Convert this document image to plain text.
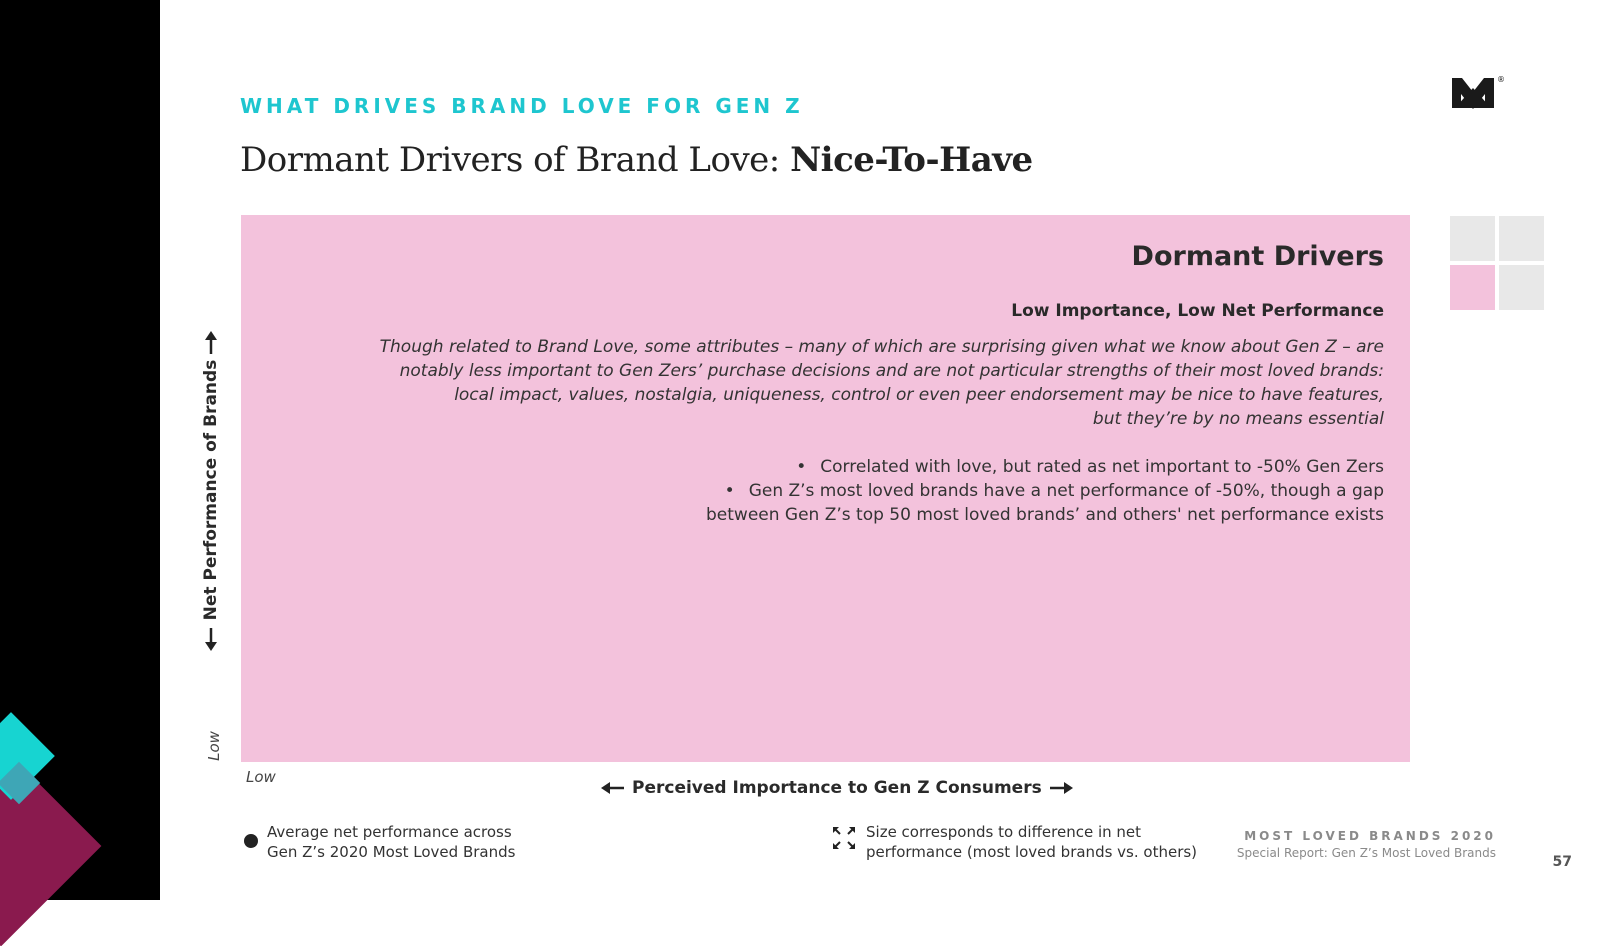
WHAT DRIVES BRAND LOVE FOR GEN Z
Dormant Drivers of Brand Love: Nice-To-Have
®
Dormant Drivers
Low Importance, Low Net Performance
Though related to Brand Love, some attributes – many of which are surprising given what we know about Gen Z – are
notably less important to Gen Zers’ purchase decisions and are not particular strengths of their most loved brands:
local impact, values, nostalgia, uniqueness, control or even peer endorsement may be nice to have features,
but they’re by no means essential
• Correlated with love, but rated as net important to -50% Gen Zers
• Gen Z’s most loved brands have a net performance of -50%, though a gap
between Gen Z’s top 50 most loved brands’ and others' net performance exists
Net Performance of Brands
Low
Low
Perceived Importance to Gen Z Consumers
Average net performance across
Gen Z’s 2020 Most Loved Brands
Size corresponds to difference in net
performance (most loved brands vs. others)
MOST LOVED BRANDS 2020
Special Report: Gen Z’s Most Loved Brands
57
